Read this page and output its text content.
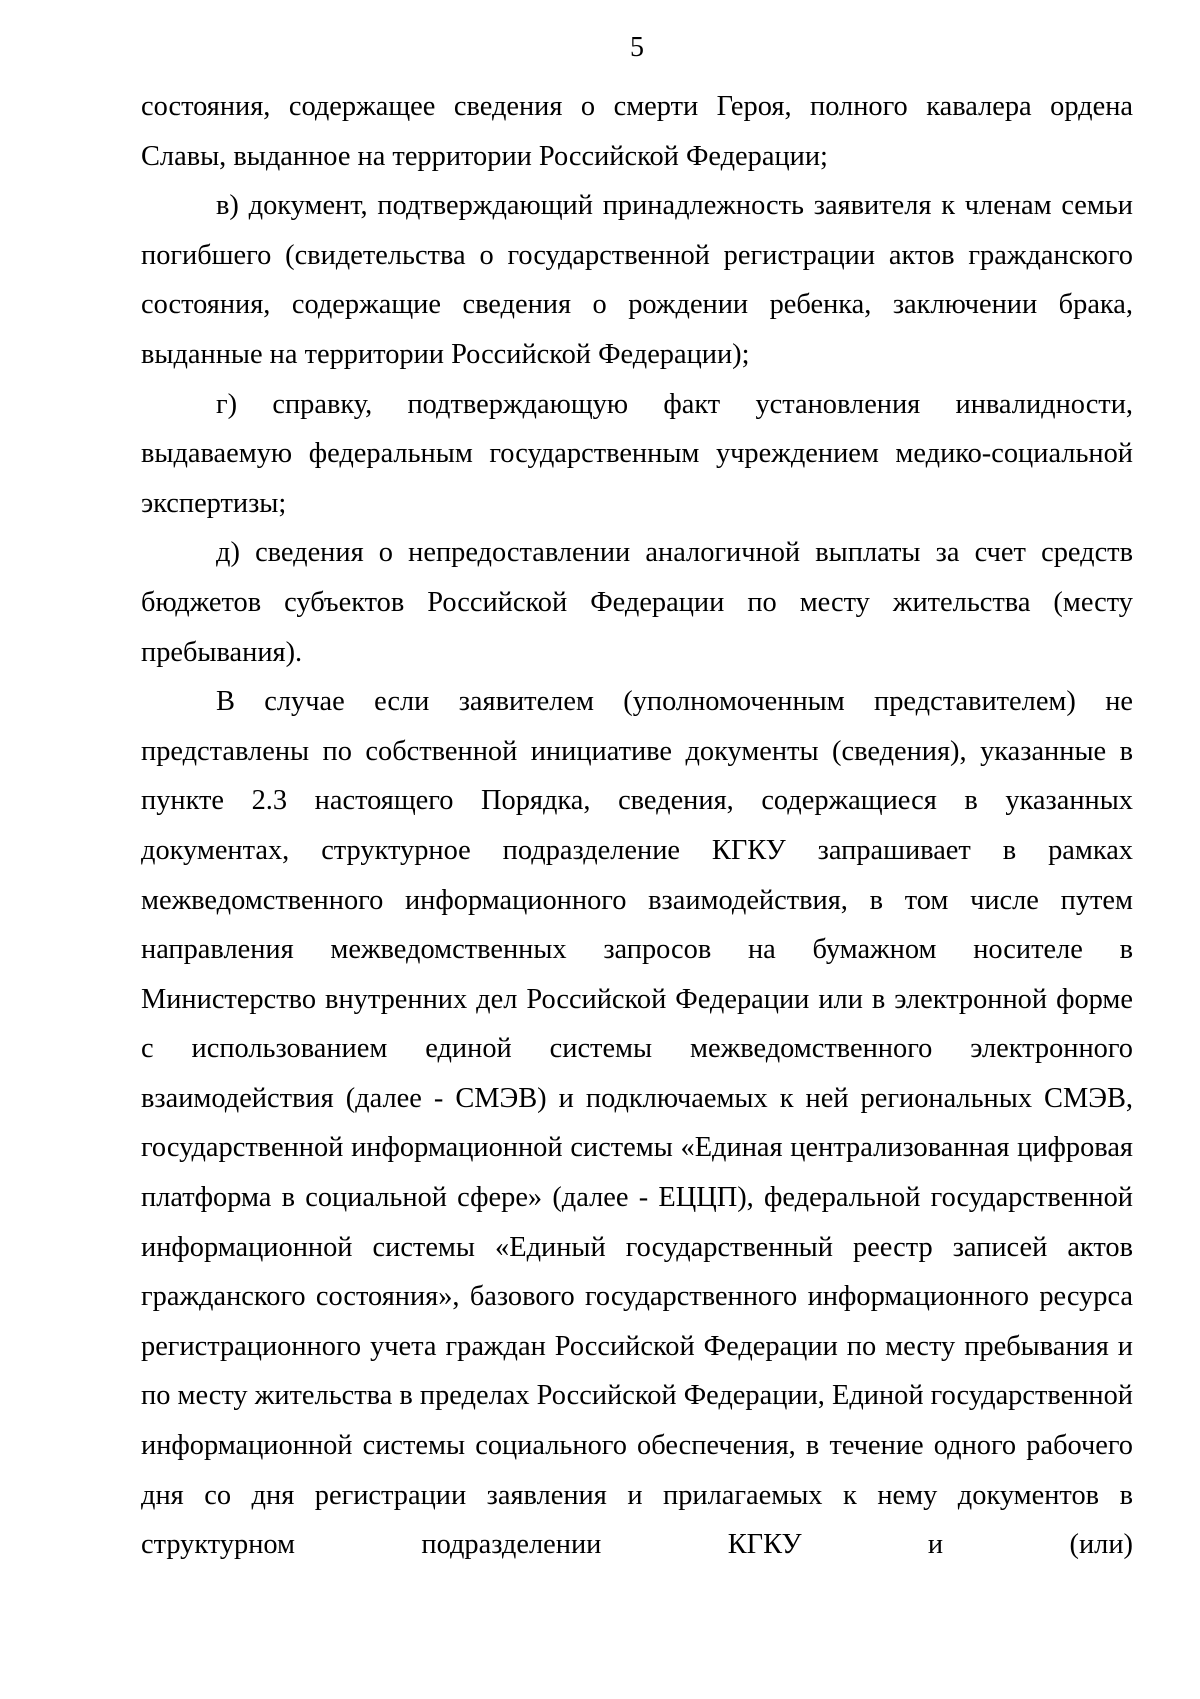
5

состояния, содержащее сведения о смерти Героя, полного кавалера ордена Славы, выданное на территории Российской Федерации;

в) документ, подтверждающий принадлежность заявителя к членам семьи погибшего (свидетельства о государственной регистрации актов гражданского состояния, содержащие сведения о рождении ребенка, заключении брака, выданные на территории Российской Федерации);

г) справку, подтверждающую факт установления инвалидности, выдаваемую федеральным государственным учреждением медико-социальной экспертизы;

д) сведения о непредоставлении аналогичной выплаты за счет средств бюджетов субъектов Российской Федерации по месту жительства (месту пребывания).

В случае если заявителем (уполномоченным представителем) не представлены по собственной инициативе документы (сведения), указанные в пункте 2.3 настоящего Порядка, сведения, содержащиеся в указанных документах, структурное подразделение КГКУ запрашивает в рамках межведомственного информационного взаимодействия, в том числе путем направления межведомственных запросов на бумажном носителе в Министерство внутренних дел Российской Федерации или в электронной форме с использованием единой системы межведомственного электронного взаимодействия (далее - СМЭВ) и подключаемых к ней региональных СМЭВ, государственной информационной системы «Единая централизованная цифровая платформа в социальной сфере» (далее - ЕЦЦП), федеральной государственной информационной системы «Единый государственный реестр записей актов гражданского состояния», базового государственного информационного ресурса регистрационного учета граждан Российской Федерации по месту пребывания и по месту жительства в пределах Российской Федерации, Единой государственной информационной системы социального обеспечения, в течение одного рабочего дня со дня регистрации заявления и прилагаемых к нему документов в структурном подразделении КГКУ и (или)
